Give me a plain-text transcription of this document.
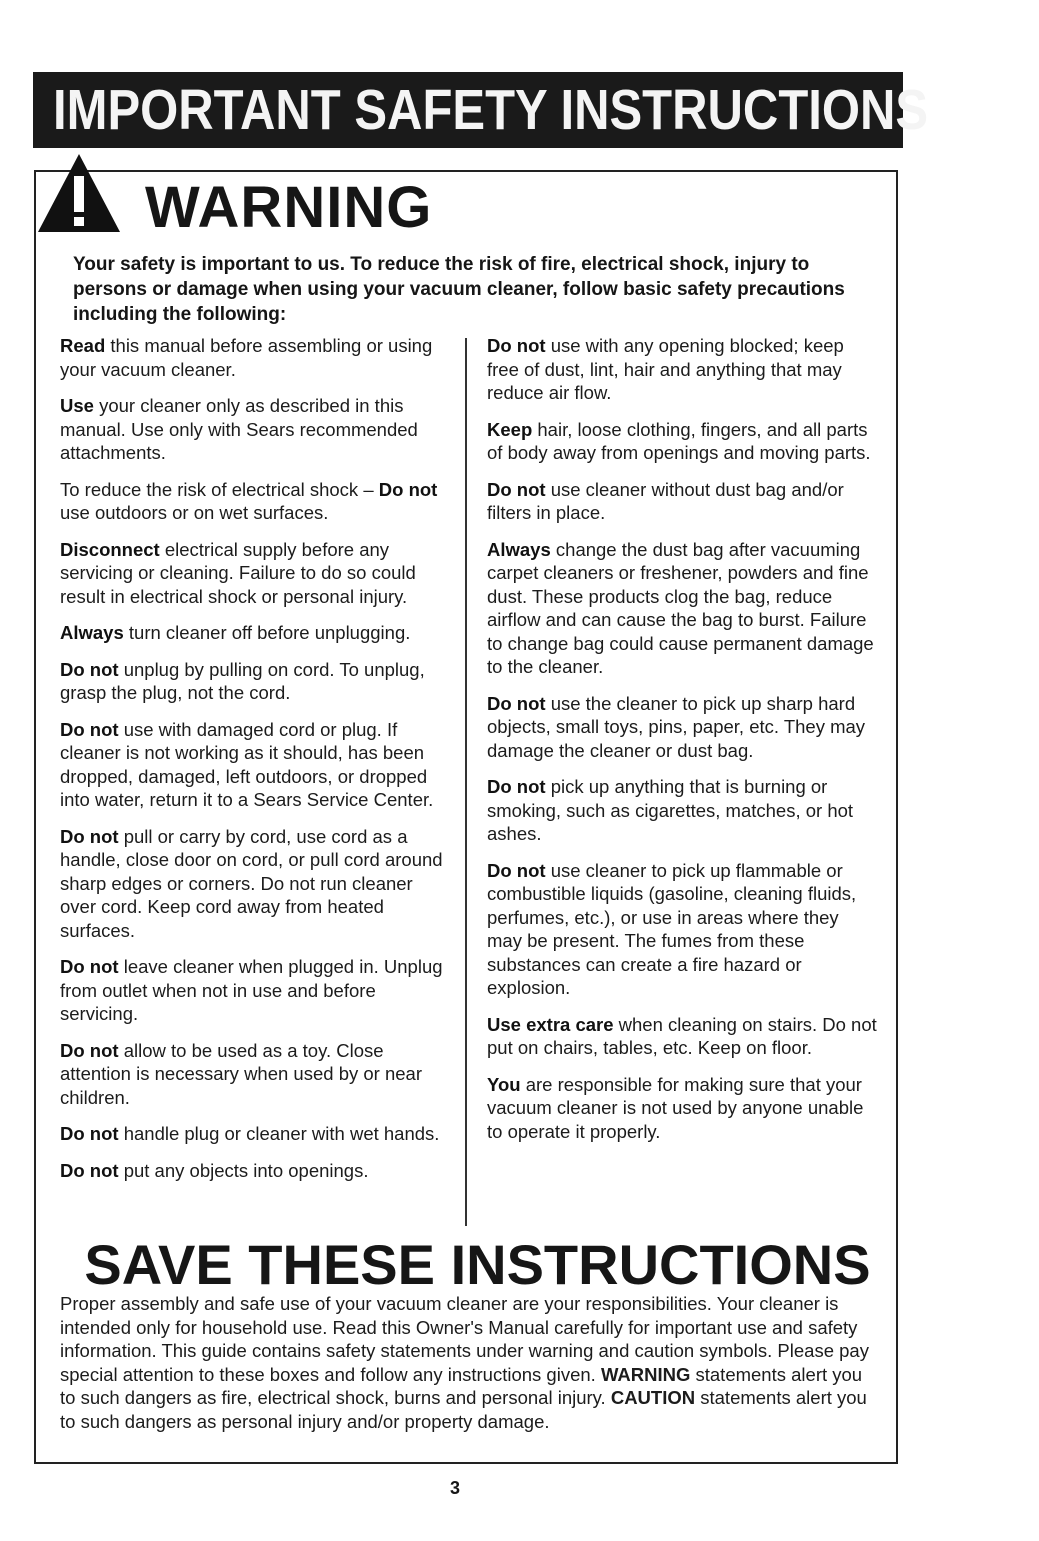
IMPORTANT SAFETY INSTRUCTIONS
WARNING
Your safety is important to us. To reduce the risk of fire, electrical shock, injury to persons or damage when using your vacuum cleaner, follow basic safety precautions including the following:

Read this manual before assembling or using your vacuum cleaner.

Use your cleaner only as described in this manual. Use only with Sears recommended attachments.

To reduce the risk of electrical shock – Do not use outdoors or on wet surfaces.

Disconnect electrical supply before any servicing or cleaning. Failure to do so could result in electrical shock or personal injury.

Always turn cleaner off before unplugging.

Do not unplug by pulling on cord. To unplug, grasp the plug, not the cord.

Do not use with damaged cord or plug. If cleaner is not working as it should, has been dropped, damaged, left outdoors, or dropped into water, return it to a Sears Service Center.

Do not pull or carry by cord, use cord as a handle, close door on cord, or pull cord around sharp edges or corners. Do not run cleaner over cord. Keep cord away from heated surfaces.

Do not leave cleaner when plugged in. Unplug from outlet when not in use and before servicing.

Do not allow to be used as a toy. Close attention is necessary when used by or near children.

Do not handle plug or cleaner with wet hands.

Do not put any objects into openings.

Do not use with any opening blocked; keep free of dust, lint, hair and anything that may reduce air flow.

Keep hair, loose clothing, fingers, and all parts of body away from openings and moving parts.

Do not use cleaner without dust bag and/or filters in place.

Always change the dust bag after vacuuming carpet cleaners or freshener, powders and fine dust. These products clog the bag, reduce airflow and can cause the bag to burst. Failure to change bag could cause permanent damage to the cleaner.

Do not use the cleaner to pick up sharp hard objects, small toys, pins, paper, etc. They may damage the cleaner or dust bag.

Do not pick up anything that is burning or smoking, such as cigarettes, matches, or hot ashes.

Do not use cleaner to pick up flammable or combustible liquids (gasoline, cleaning fluids, perfumes, etc.), or use in areas where they may be present. The fumes from these substances can create a fire hazard or explosion.

Use extra care when cleaning on stairs. Do not put on chairs, tables, etc. Keep on floor.

You are responsible for making sure that your vacuum cleaner is not used by anyone unable to operate it properly.

SAVE THESE INSTRUCTIONS
Proper assembly and safe use of your vacuum cleaner are your responsibilities. Your cleaner is intended only for household use. Read this Owner's Manual carefully for important use and safety information. This guide contains safety statements under warning and caution symbols. Please pay special attention to these boxes and follow any instructions given. WARNING statements alert you to such dangers as fire, electrical shock, burns and personal injury. CAUTION statements alert you to such dangers as personal injury and/or property damage.
3
